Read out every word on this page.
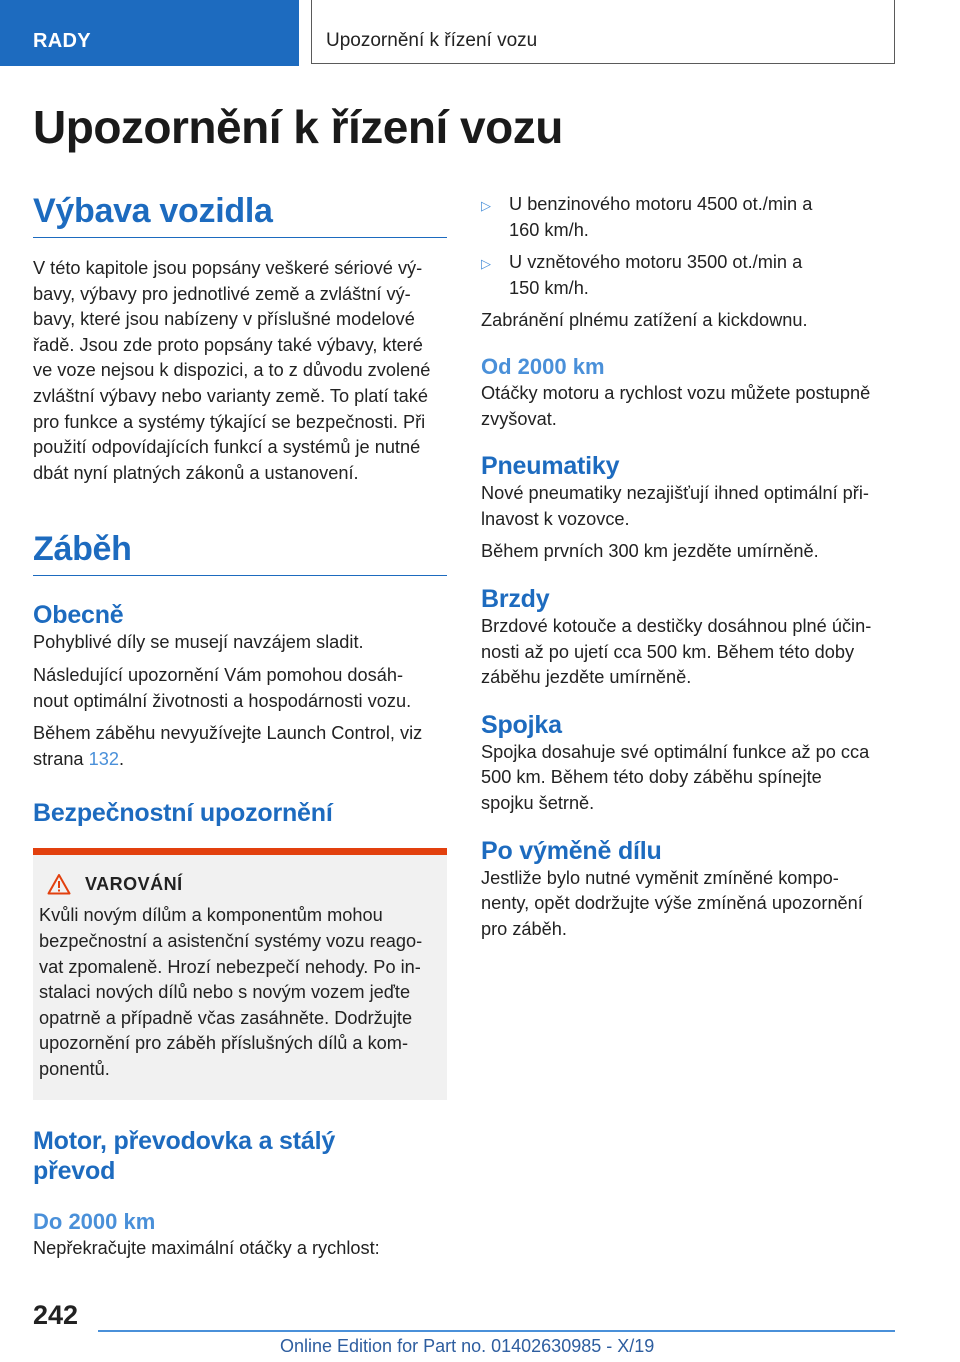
RADY	Upozornění k řízení vozu
Upozornění k řízení vozu
Výbava vozidla

V této kapitole jsou popsány veškeré sériové vý-

bavy, výbavy pro jednotlivé země a zvláštní vý-

bavy, které jsou nabízeny v příslušné modelové

řadě. Jsou zde proto popsány také výbavy, které

ve voze nejsou k dispozici, a to z důvodu zvolené

zvláštní výbavy nebo varianty země. To platí také

pro funkce a systémy týkající se bezpečnosti. Při

použití odpovídajících funkcí a systémů je nutné

dbát nyní platných zákonů a ustanovení.

Záběh
Obecně

Pohyblivé díly se musejí navzájem sladit.

Následující upozornění Vám pomohou dosáh-

nout optimální životnosti a hospodárnosti vozu.

Během záběhu nevyužívejte Launch Control, viz

strana 132.

Bezpečnostní upozornění
VAROVÁNÍ

Kvůli novým dílům a komponentům mohou

bezpečnostní a asistenční systémy vozu reago-

vat zpomaleně. Hrozí nebezpečí nehody. Po in-

stalaci nových dílů nebo s novým vozem jeďte

opatrně a případně včas zasáhněte. Dodržujte

upozornění pro záběh příslušných dílů a kom-

ponentů.

Motor, převodovka a stálý
převod
Do 2000 km

Nepřekračujte maximální otáčky a rychlost:

▷ U benzinového motoru 4500 ot./min a
160 km/h.
▷ U vznětového motoru 3500 ot./min a
150 km/h.

Zabránění plnému zatížení a kickdownu.

Od 2000 km

Otáčky motoru a rychlost vozu můžete postupně

zvyšovat.

Pneumatiky

Nové pneumatiky nezajišťují ihned optimální při-

lnavost k vozovce.

Během prvních 300 km jezděte umírněně.

Brzdy

Brzdové kotouče a destičky dosáhnou plné účin-

nosti až po ujetí cca 500 km. Během této doby

záběhu jezděte umírněně.

Spojka

Spojka dosahuje své optimální funkce až po cca

500 km. Během této doby záběhu spínejte

spojku šetrně.

Po výměně dílu

Jestliže bylo nutné vyměnit zmíněné kompo-

nenty, opět dodržujte výše zmíněná upozornění

pro záběh.

242
Online Edition for Part no. 01402630985 - X/19
